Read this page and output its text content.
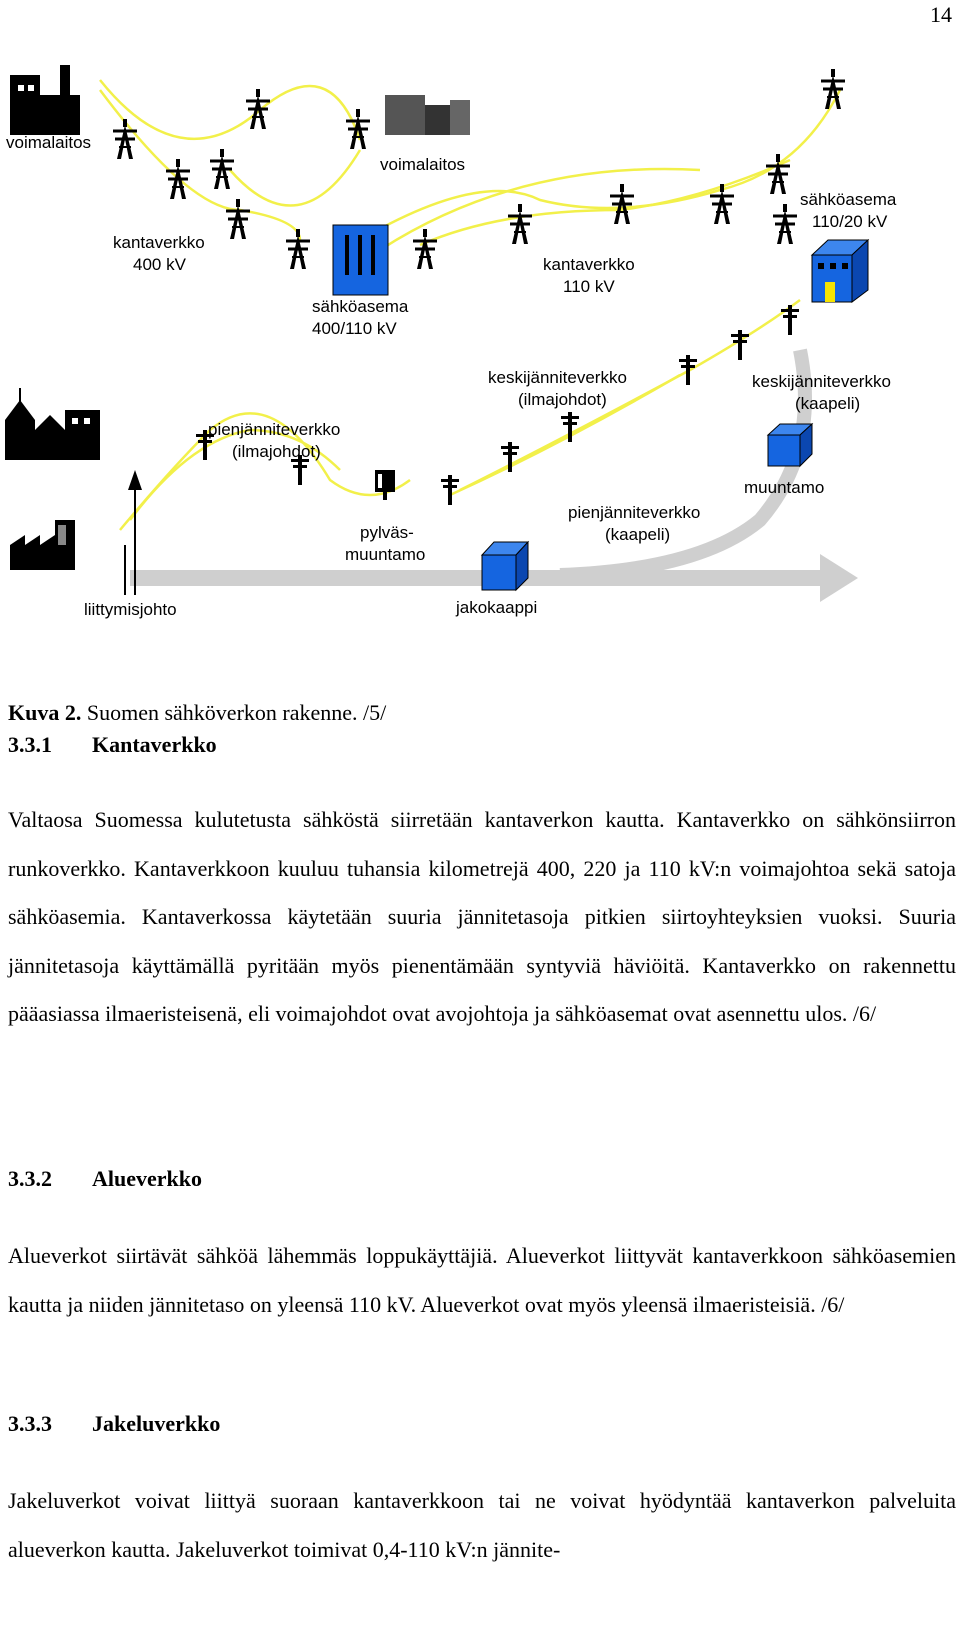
14
voimalaitos
voimalaitos
sähköasema
400/110 kV
kantaverkko
400 kV	kantaverkko
110 kV
sähköasema
110/20 kV
keskijänniteverkko
(ilmajohdot)
keskijänniteverkko
(kaapeli)
muuntamo
liittymisjohto
pienjänniteverkko
(ilmajohdot)
pylväs-
muuntamo
pienjänniteverkko
(kaapeli)
jakokaappi
Kuva 2. Suomen sähköverkon rakenne. /5/
3.3.1 Kantaverkko

Valtaosa Suomessa kulutetusta sähköstä siirretään kantaverkon kautta. Kantaverkko on sähkönsiirron runkoverkko. Kantaverkkoon kuuluu tuhansia kilometrejä 400, 220 ja 110 kV:n voimajohtoa sekä satoja sähköasemia. Kantaverkossa käytetään suuria jännitetasoja pitkien siirtoyhteyksien vuoksi. Suuria jännitetasoja käyttämällä pyritään myös pienentämään syntyviä häviöitä. Kantaverkko on rakennettu pääasiassa ilmaeristeisenä, eli voimajohdot ovat avojohtoja ja sähköasemat ovat asennettu ulos. /6/

3.3.2 Alueverkko

Alueverkot siirtävät sähköä lähemmäs loppukäyttäjiä. Alueverkot liittyvät kantaverkkoon sähköasemien kautta ja niiden jännitetaso on yleensä 110 kV. Alueverkot ovat myös yleensä ilmaeristeisiä. /6/

3.3.3 Jakeluverkko

Jakeluverkot voivat liittyä suoraan kantaverkkoon tai ne voivat hyödyntää kantaverkon palveluita alueverkon kautta. Jakeluverkot toimivat 0,4-110 kV:n jännite-
